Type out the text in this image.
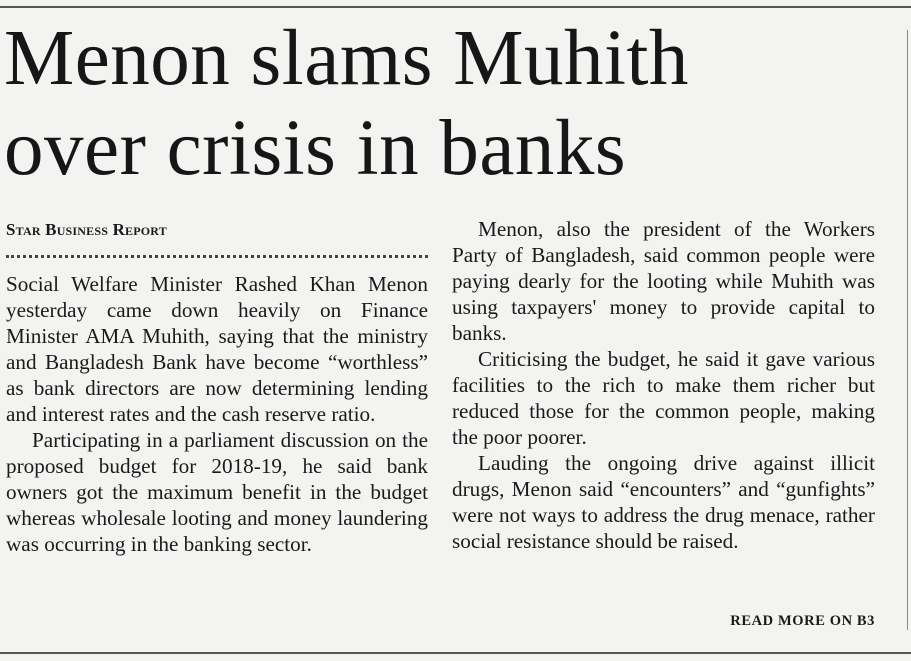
Menon slams Muhith
over crisis in banks
Star Business Report

Social Welfare Minister Rashed Khan Menon yesterday came down heavily on Finance Minister AMA Muhith, saying that the ministry and Bangladesh Bank have become “worthless” as bank directors are now determining lending and interest rates and the cash reserve ratio.

Participating in a parliament discussion on the proposed budget for 2018-19, he said bank owners got the maximum benefit in the budget whereas wholesale looting and money laundering was occurring in the banking sector.

Menon, also the president of the Workers Party of Bangladesh, said common people were paying dearly for the looting while Muhith was using taxpayers' money to provide capital to banks.

Criticising the budget, he said it gave various facilities to the rich to make them richer but reduced those for the common people, making the poor poorer.

Lauding the ongoing drive against illicit drugs, Menon said “encounters” and “gunfights” were not ways to address the drug menace, rather social resistance should be raised.

READ MORE ON B3
